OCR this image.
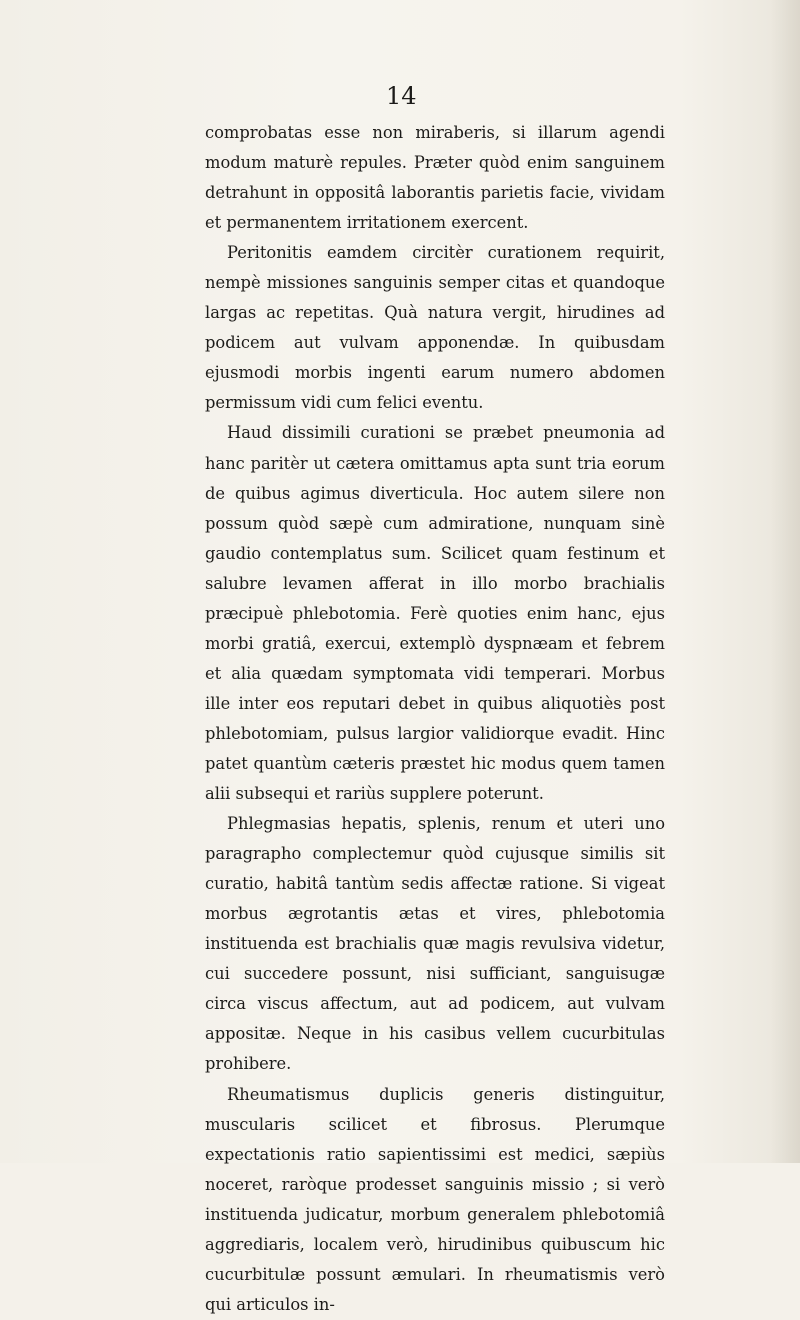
14

comprobatas esse non miraberis, si illarum agendi modum maturè repules. Præter quòd enim sanguinem detrahunt in oppositâ laborantis parietis facie, vividam et permanentem irritationem exercent.

Peritonitis eamdem circitèr curationem requirit, nempè missiones sanguinis semper citas et quandoque largas ac repetitas. Quà natura vergit, hirudines ad podicem aut vulvam apponendæ. In quibusdam ejusmodi morbis ingenti earum numero abdomen permissum vidi cum felici eventu.

Haud dissimili curationi se præbet pneumonia ad hanc paritèr ut cætera omittamus apta sunt tria eorum de quibus agimus diverticula. Hoc autem silere non possum quòd sæpè cum admiratione, nunquam sinè gaudio contemplatus sum. Scilicet quam festinum et salubre levamen afferat in illo morbo brachialis præcipuè phlebotomia. Ferè quoties enim hanc, ejus morbi gratiâ, exercui, extemplò dyspnæam et febrem et alia quædam symptomata vidi temperari. Morbus ille inter eos reputari debet in quibus aliquotiès post phlebotomiam, pulsus largior validiorque evadit. Hinc patet quantùm cæteris præstet hic modus quem tamen alii subsequi et rariùs supplere poterunt.

Phlegmasias hepatis, splenis, renum et uteri uno paragrapho complectemur quòd cujusque similis sit curatio, habitâ tantùm sedis affectæ ratione. Si vigeat morbus ægrotantis ætas et vires, phlebotomia instituenda est brachialis quæ magis revulsiva videtur, cui succedere possunt, nisi sufficiant, sanguisugæ circa viscus affectum, aut ad podicem, aut vulvam appositæ. Neque in his casibus vellem cucurbitulas prohibere.

Rheumatismus duplicis generis distinguitur, muscularis scilicet et fibrosus. Plerumque expectationis ratio sapientissimi est medici, sæpiùs noceret, raròque prodesset sanguinis missio ; si verò instituenda judicatur, morbum generalem phlebotomiâ aggrediaris, localem verò, hirudinibus quibuscum hic cucurbitulæ possunt æmulari. In rheumatismis verò qui articulos in-
